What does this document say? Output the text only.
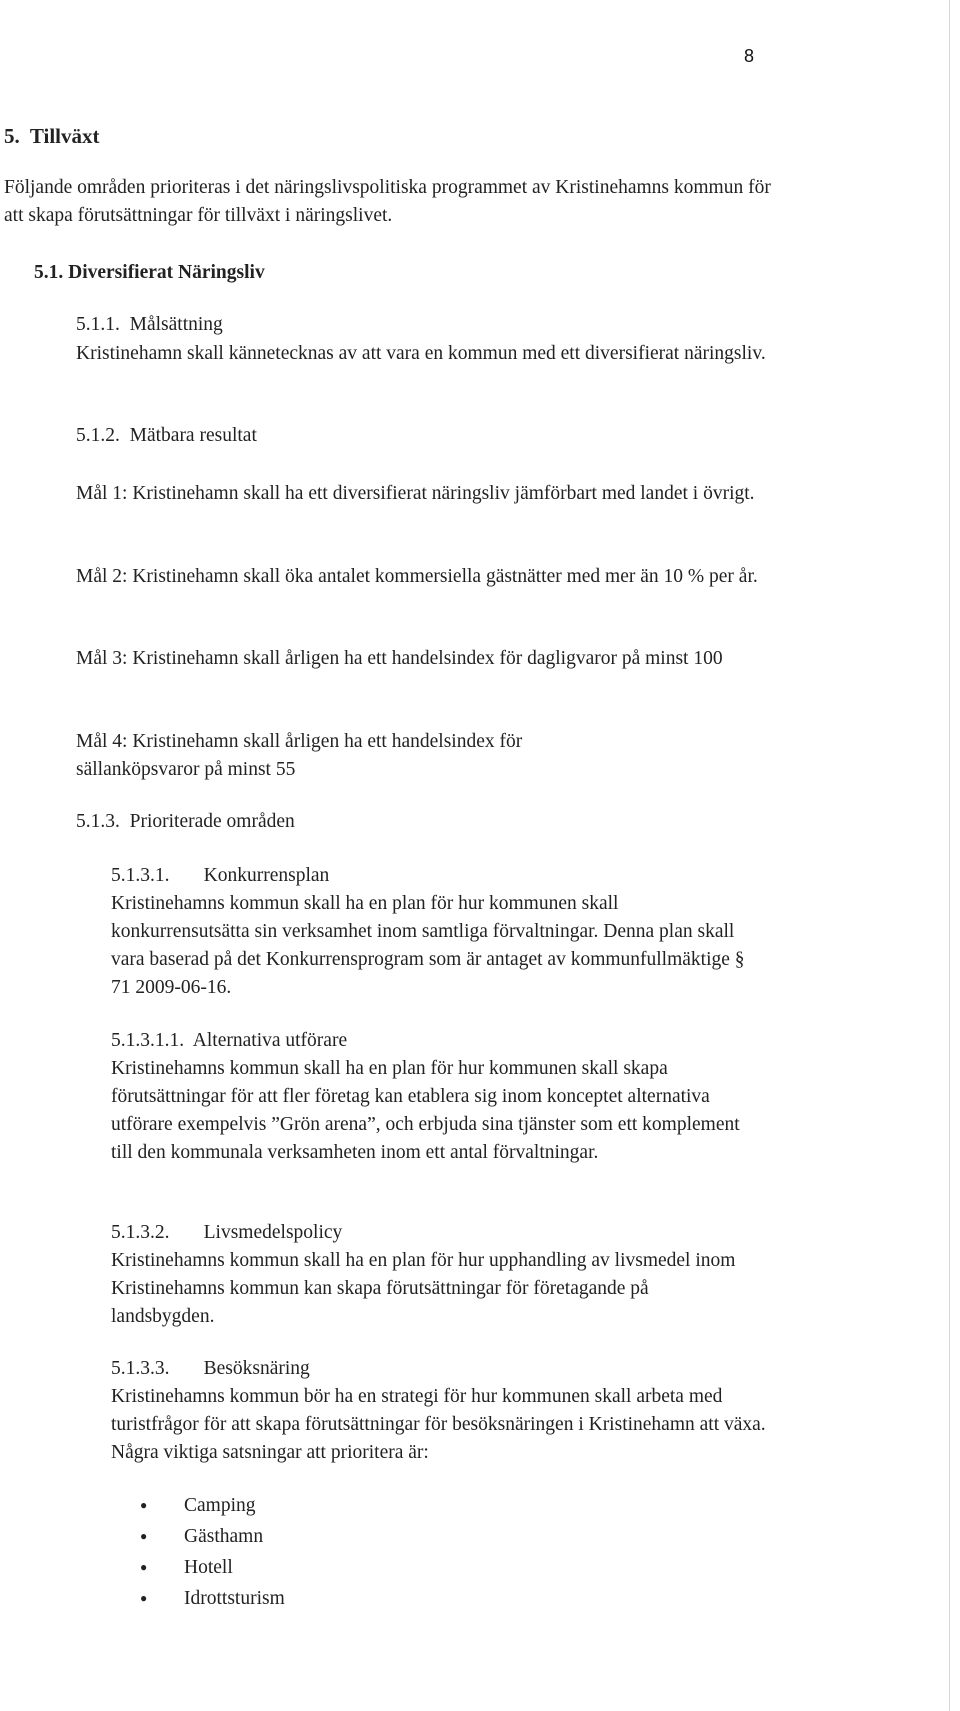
8
5.  Tillväxt

Följande områden prioriteras i det näringslivspolitiska programmet av Kristinehamns kommun för att skapa förutsättningar för tillväxt i näringslivet.

5.1. Diversifierat Näringsliv
5.1.1.  Målsättning

Kristinehamn skall kännetecknas av att vara en kommun med ett diversifierat näringsliv.

5.1.2.  Mätbara resultat

Mål 1: Kristinehamn skall ha ett diversifierat näringsliv jämförbart med landet i övrigt.

Mål 2: Kristinehamn skall öka antalet kommersiella gästnätter med mer än 10 % per år.

Mål 3: Kristinehamn skall årligen ha ett handelsindex för dagligvaror på minst 100

Mål 4: Kristinehamn skall årligen ha ett handelsindex för sällanköpsvaror på minst 55

5.1.3.  Prioriterade områden
5.1.3.1.       Konkurrensplan

Kristinehamns kommun skall ha en plan för hur kommunen skall konkurrensutsätta sin verksamhet inom samtliga förvaltningar. Denna plan skall vara baserad på det Konkurrensprogram som är antaget av kommunfullmäktige § 71 2009-06-16.

5.1.3.1.1.  Alternativa utförare

Kristinehamns kommun skall ha en plan för hur kommunen skall skapa förutsättningar för att fler företag kan etablera sig inom konceptet alternativa utförare exempelvis ”Grön arena”, och erbjuda sina tjänster som ett komplement till den kommunala verksamheten inom ett antal förvaltningar.

5.1.3.2.       Livsmedelspolicy

Kristinehamns kommun skall ha en plan för hur upphandling av livsmedel inom Kristinehamns kommun kan skapa förutsättningar för företagande på landsbygden.

5.1.3.3.       Besöksnäring

Kristinehamns kommun bör ha en strategi för hur kommunen skall arbeta med turistfrågor för att skapa förutsättningar för besöksnäringen i Kristinehamn att växa. Några viktiga satsningar att prioritera är:

● Camping
● Gästhamn
● Hotell
● Idrottsturism
